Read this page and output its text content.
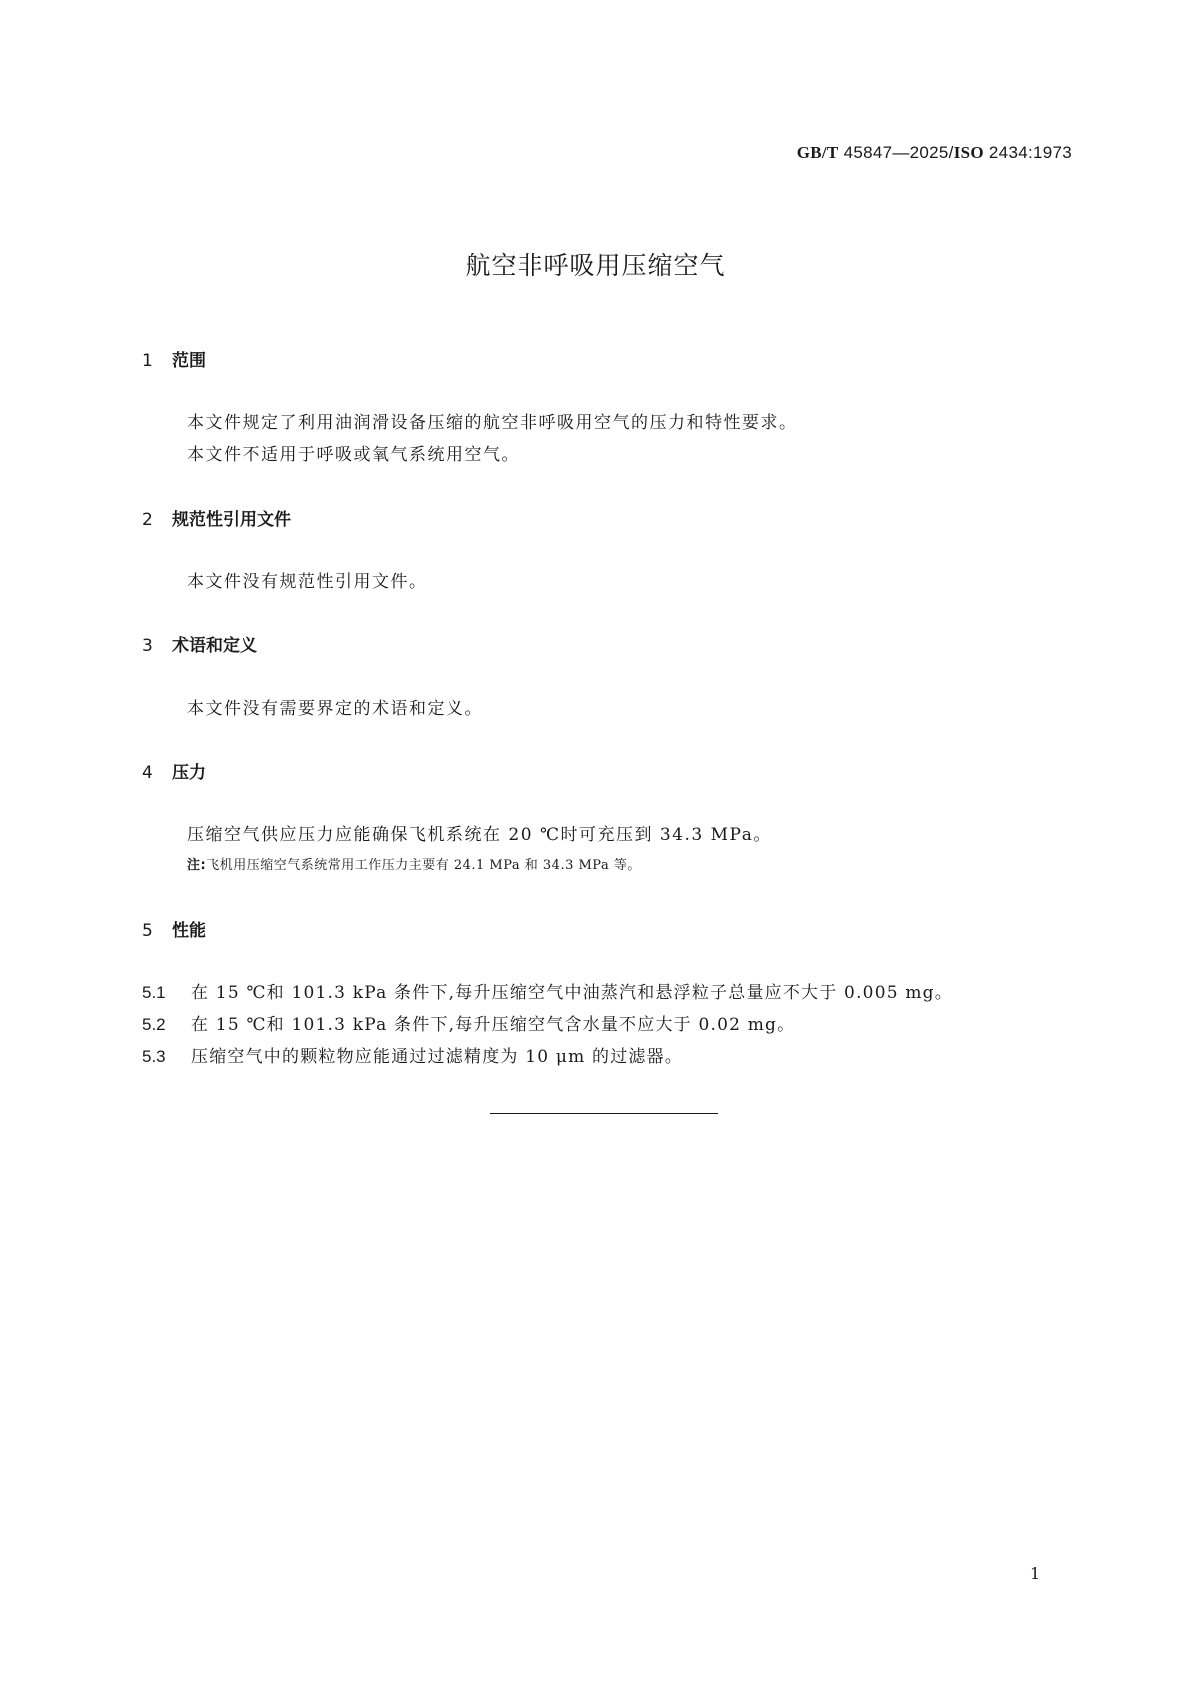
GB/T 45847—2025/ISO 2434:1973
航空非呼吸用压缩空气
1 范围
本文件规定了利用油润滑设备压缩的航空非呼吸用空气的压力和特性要求。
本文件不适用于呼吸或氧气系统用空气。
2 规范性引用文件
本文件没有规范性引用文件。
3 术语和定义
本文件没有需要界定的术语和定义。
4 压力
压缩空气供应压力应能确保飞机系统在 20 ℃时可充压到 34.3 MPa。
注:飞机用压缩空气系统常用工作压力主要有 24.1 MPa 和 34.3 MPa 等。
5 性能
5.1 在 15 ℃和 101.3 kPa 条件下,每升压缩空气中油蒸汽和悬浮粒子总量应不大于 0.005 mg。
5.2 在 15 ℃和 101.3 kPa 条件下,每升压缩空气含水量不应大于 0.02 mg。
5.3 压缩空气中的颗粒物应能通过过滤精度为 10 μm 的过滤器。
1
